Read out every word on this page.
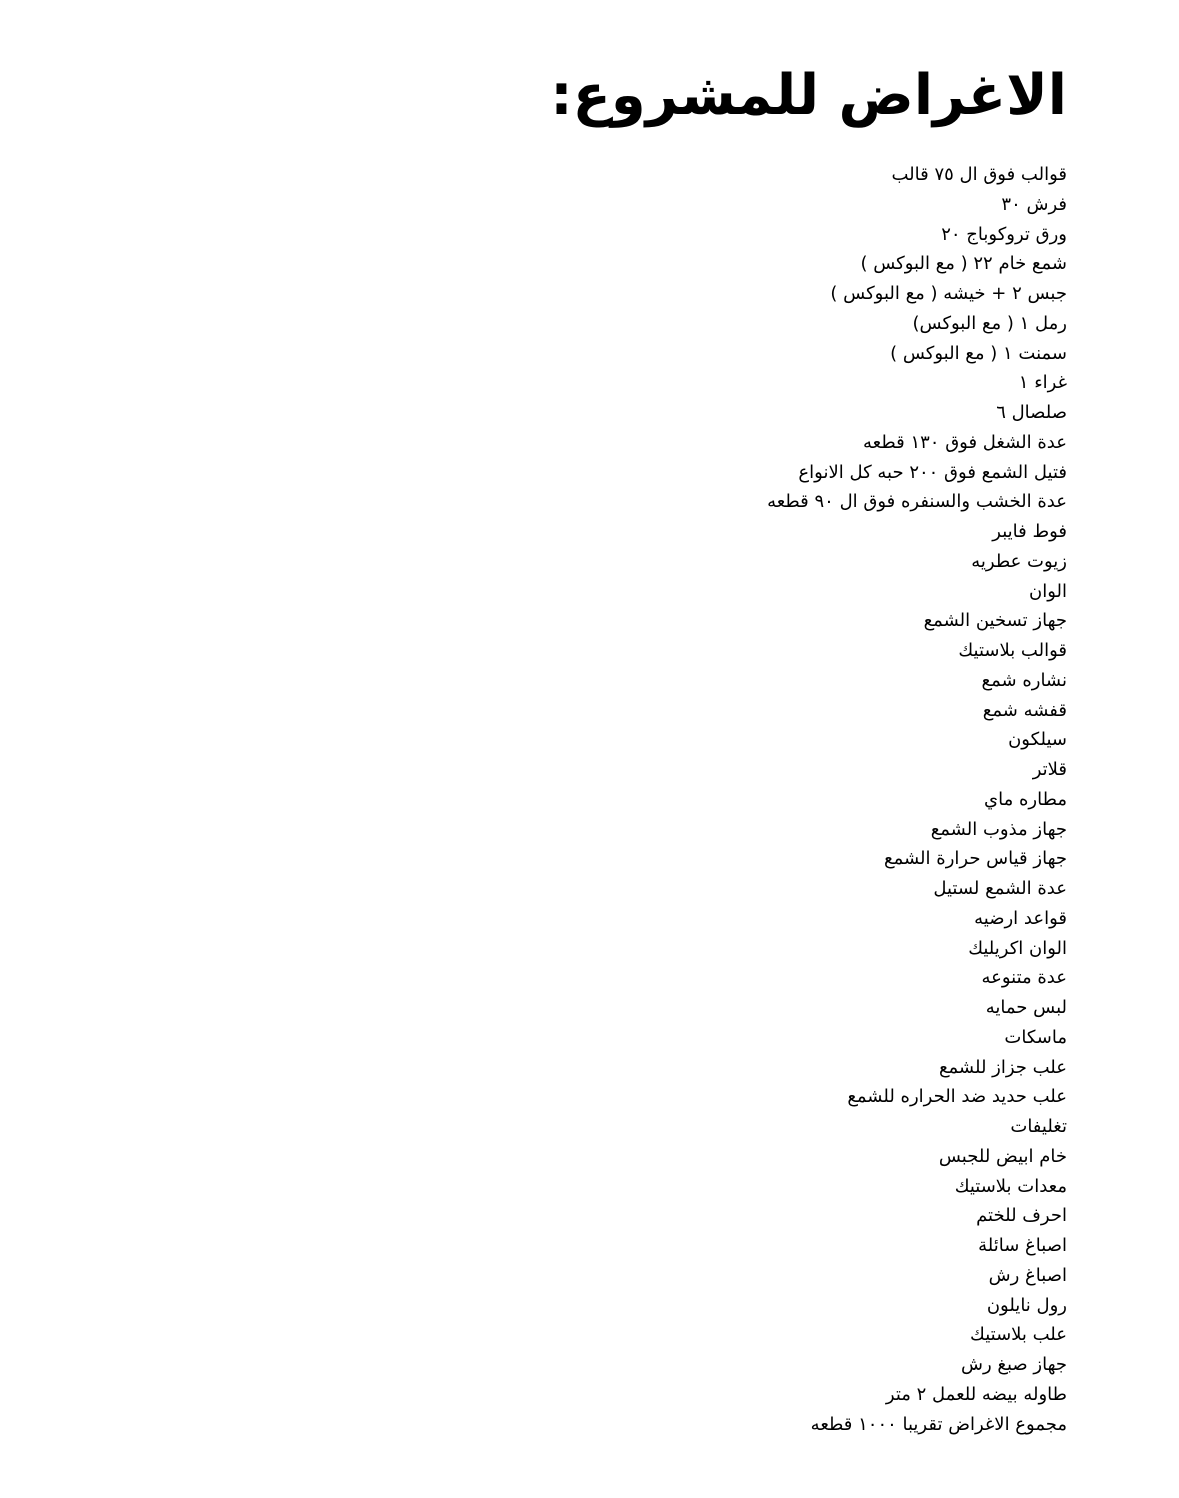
الاغراض للمشروع:
قوالب فوق ال ٧٥ قالب
فرش ٣٠
ورق تروكوباج ٢٠
شمع خام ٢٢ ( مع البوكس )
جبس ٢ + خيشه ( مع البوكس )
رمل ١ ( مع البوكس)
سمنت ١ ( مع البوكس )
غراء ١
صلصال ٦
عدة الشغل فوق ١٣٠ قطعه
فتيل الشمع فوق ٢٠٠ حبه كل الانواع
عدة الخشب والسنفره فوق ال ٩٠ قطعه
فوط فايبر
زيوت عطريه
الوان
جهاز تسخين الشمع
قوالب بلاستيك
نشاره شمع
قفشه شمع
سيلكون
قلاتر
مطاره ماي
جهاز مذوب الشمع
جهاز قياس حرارة الشمع
عدة الشمع لستيل
قواعد ارضيه
الوان اكريليك
عدة متنوعه
لبس حمايه
ماسكات
علب جزاز للشمع
علب حديد ضد الحراره للشمع
تغليفات
خام ابيض للجبس
معدات بلاستيك
احرف للختم
اصباغ سائلة
اصباغ رش
رول نايلون
علب بلاستيك
جهاز صبغ رش
طاوله بيضه للعمل ٢ متر
مجموع الاغراض تقريبا ١٠٠٠ قطعه
